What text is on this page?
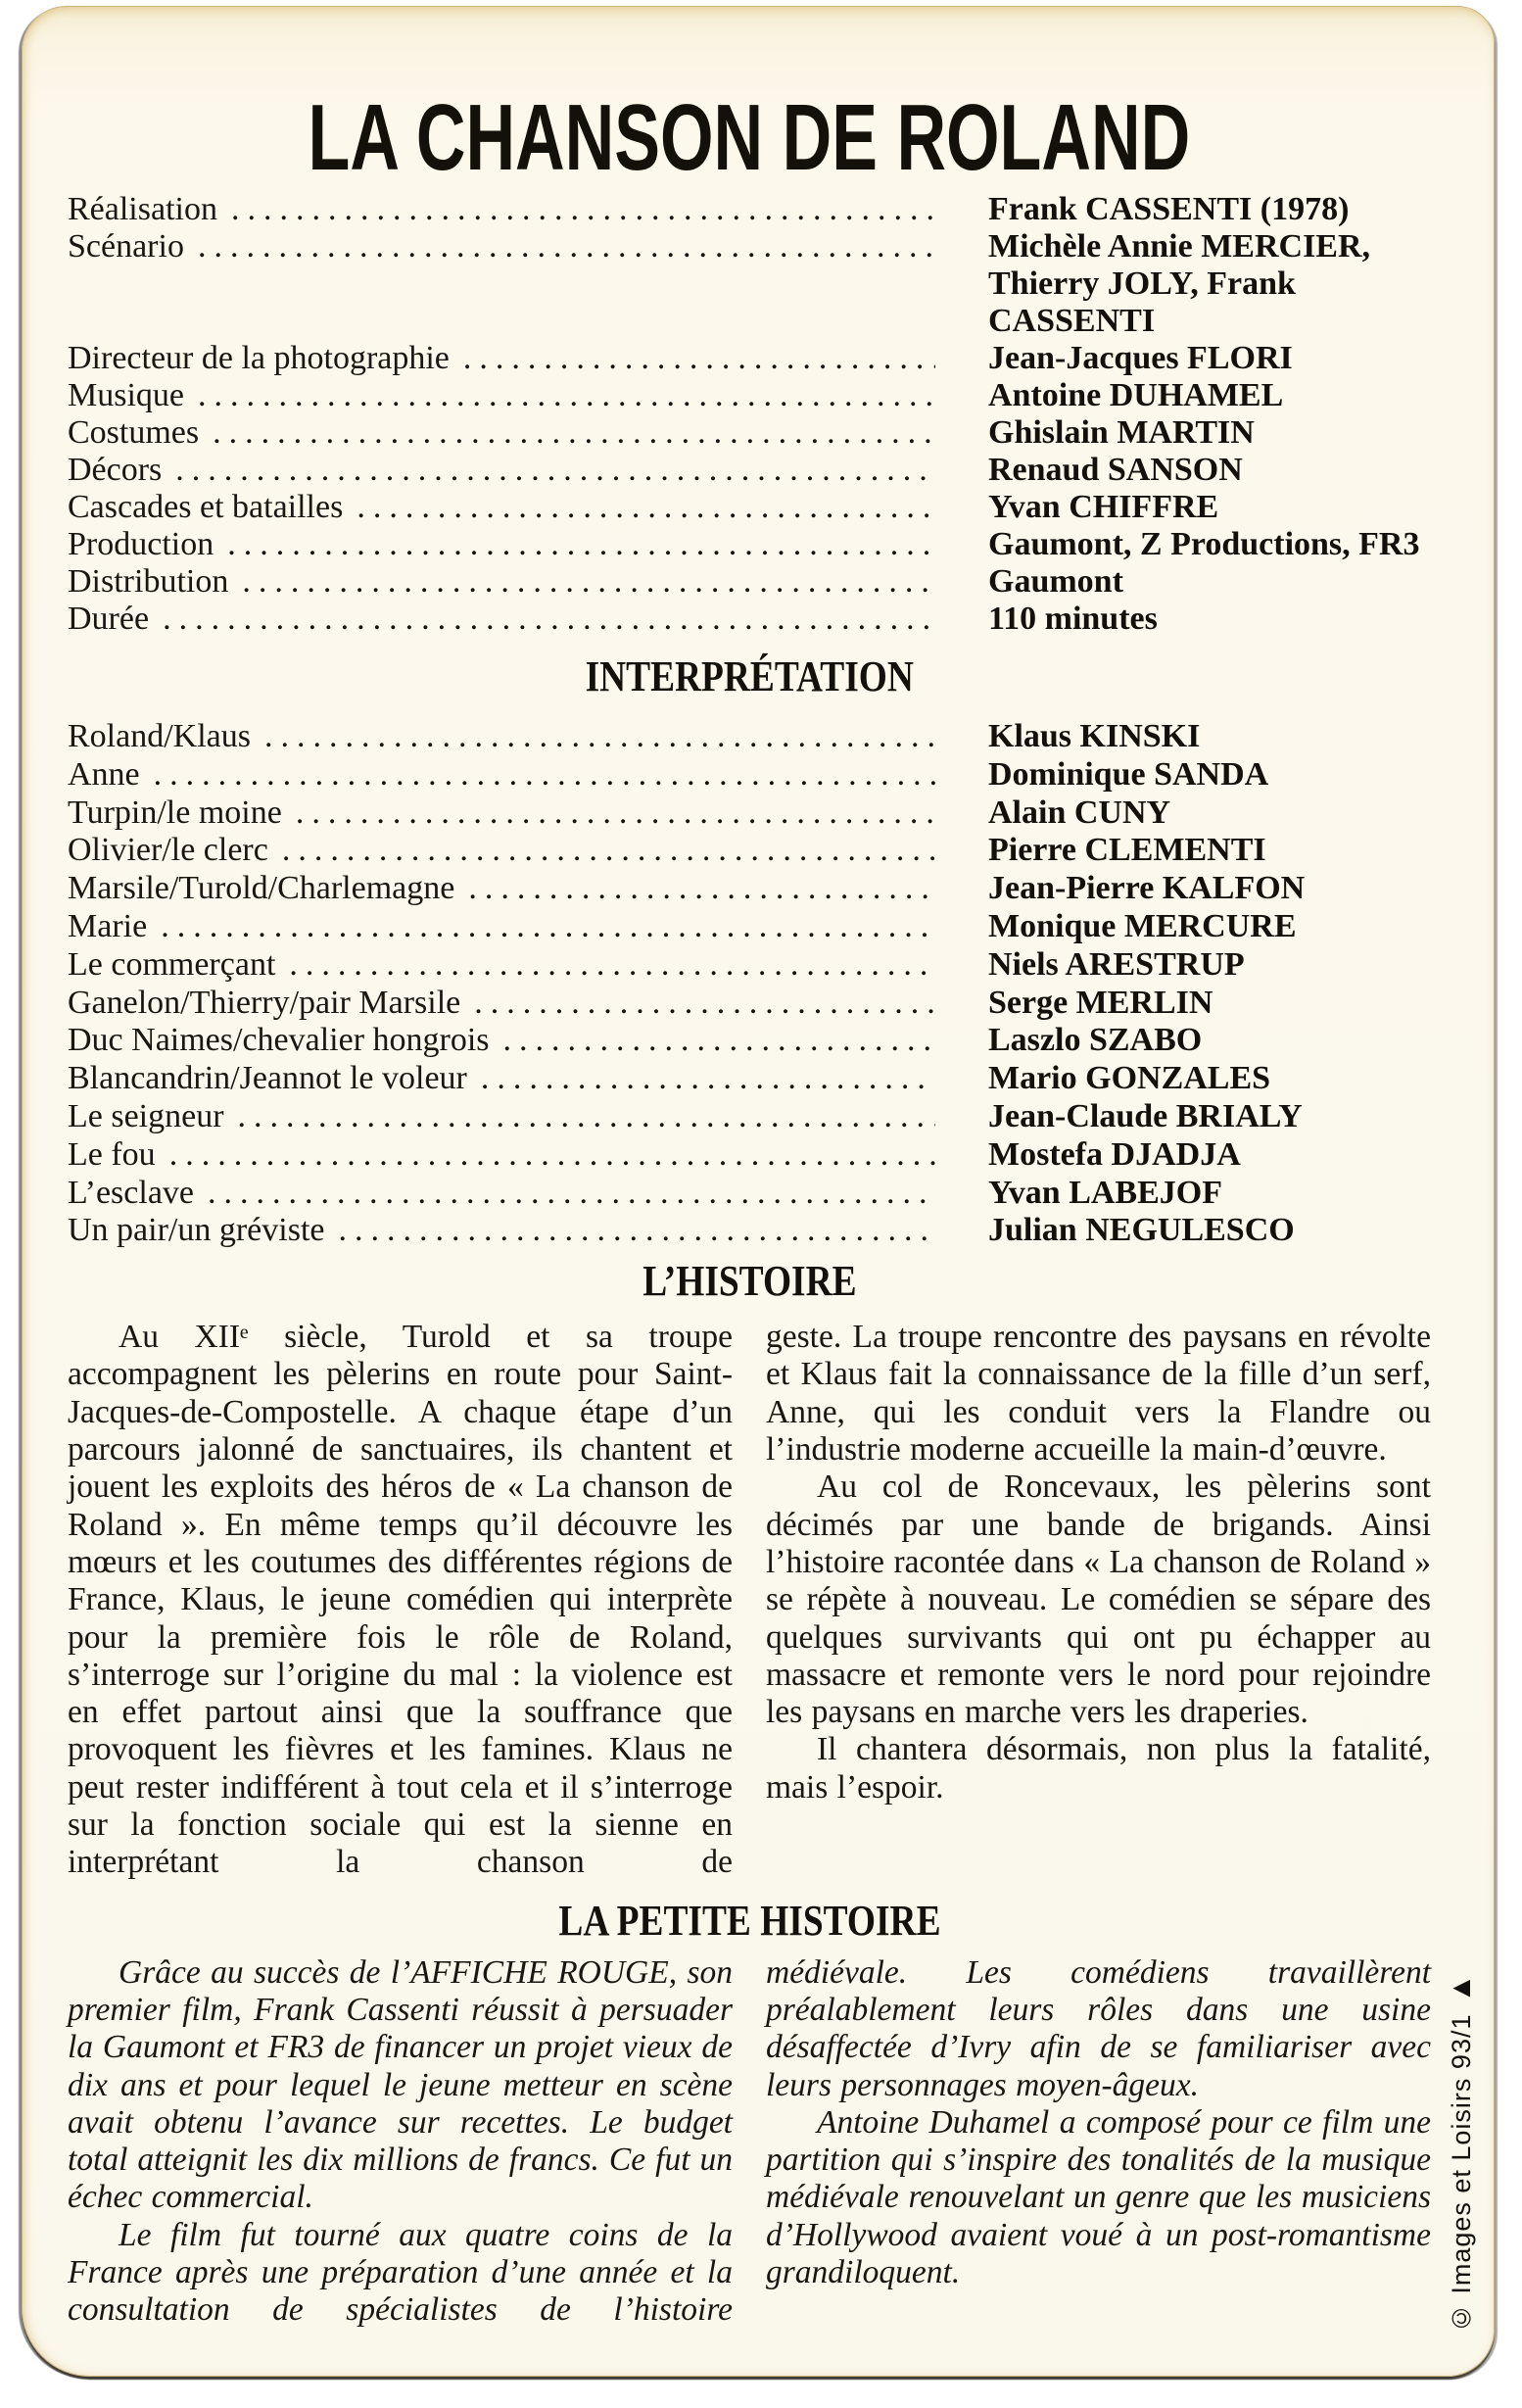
LA CHANSON DE ROLAND
Réalisation .....	Frank CASSENTI (1978)
Scénario .....	Michèle Annie MERCIER, Thierry JOLY, Frank CASSENTI
Directeur de la photographie .....	Jean-Jacques FLORI
Musique .....	Antoine DUHAMEL
Costumes .....	Ghislain MARTIN
Décors .....	Renaud SANSON
Cascades et batailles .....	Yvan CHIFFRE
Production .....	Gaumont, Z Productions, FR3
Distribution .....	Gaumont
Durée .....	110 minutes
INTERPRÉTATION
Roland/Klaus .....	Klaus KINSKI
Anne .....	Dominique SANDA
Turpin/le moine .....	Alain CUNY
Olivier/le clerc .....	Pierre CLEMENTI
Marsile/Turold/Charlemagne .....	Jean-Pierre KALFON
Marie .....	Monique MERCURE
Le commerçant .....	Niels ARESTRUP
Ganelon/Thierry/pair Marsile .....	Serge MERLIN
Duc Naimes/chevalier hongrois .....	Laszlo SZABO
Blancandrin/Jeannot le voleur .....	Mario GONZALES
Le seigneur .....	Jean-Claude BRIALY
Le fou .....	Mostefa DJADJA
L’esclave .....	Yvan LABEJOF
Un pair/un gréviste .....	Julian NEGULESCO
L’HISTOIRE

Au XIIᵉ siècle, Turold et sa troupe accompagnent les pèlerins en route pour Saint-Jacques-de-Compostelle. A chaque étape d’un parcours jalonné de sanctuaires, ils chantent et jouent les exploits des héros de « La chanson de Roland ». En même temps qu’il découvre les mœurs et les coutumes des différentes régions de France, Klaus, le jeune comédien qui interprète pour la première fois le rôle de Roland, s’interroge sur l’origine du mal : la violence est en effet partout ainsi que la souffrance que provoquent les fièvres et les famines. Klaus ne peut rester indifférent à tout cela et il s’interroge sur la fonction sociale qui est la sienne en interprétant la chanson de

geste. La troupe rencontre des paysans en révolte et Klaus fait la connaissance de la fille d’un serf, Anne, qui les conduit vers la Flandre ou l’industrie moderne accueille la main-d’œuvre.

Au col de Roncevaux, les pèlerins sont décimés par une bande de brigands. Ainsi l’histoire racontée dans « La chanson de Roland » se répète à nouveau. Le comédien se sépare des quelques survivants qui ont pu échapper au massacre et remonte vers le nord pour rejoindre les paysans en marche vers les draperies.

Il chantera désormais, non plus la fatalité, mais l’espoir.

LA PETITE HISTOIRE

Grâce au succès de l’AFFICHE ROUGE, son premier film, Frank Cassenti réussit à persuader la Gaumont et FR3 de financer un projet vieux de dix ans et pour lequel le jeune metteur en scène avait obtenu l’avance sur recettes. Le budget total atteignit les dix millions de francs. Ce fut un échec commercial.

Le film fut tourné aux quatre coins de la France après une préparation d’une année et la consultation de spécialistes de l’histoire

médiévale. Les comédiens travaillèrent préalablement leurs rôles dans une usine désaffectée d’Ivry afin de se familiariser avec leurs personnages moyen-âgeux.

Antoine Duhamel a composé pour ce film une partition qui s’inspire des tonalités de la musique médiévale renouvelant un genre que les musiciens d’Hollywood avaient voué à un post-romantisme grandiloquent.	© Images et Loisirs 93/1 ▲
